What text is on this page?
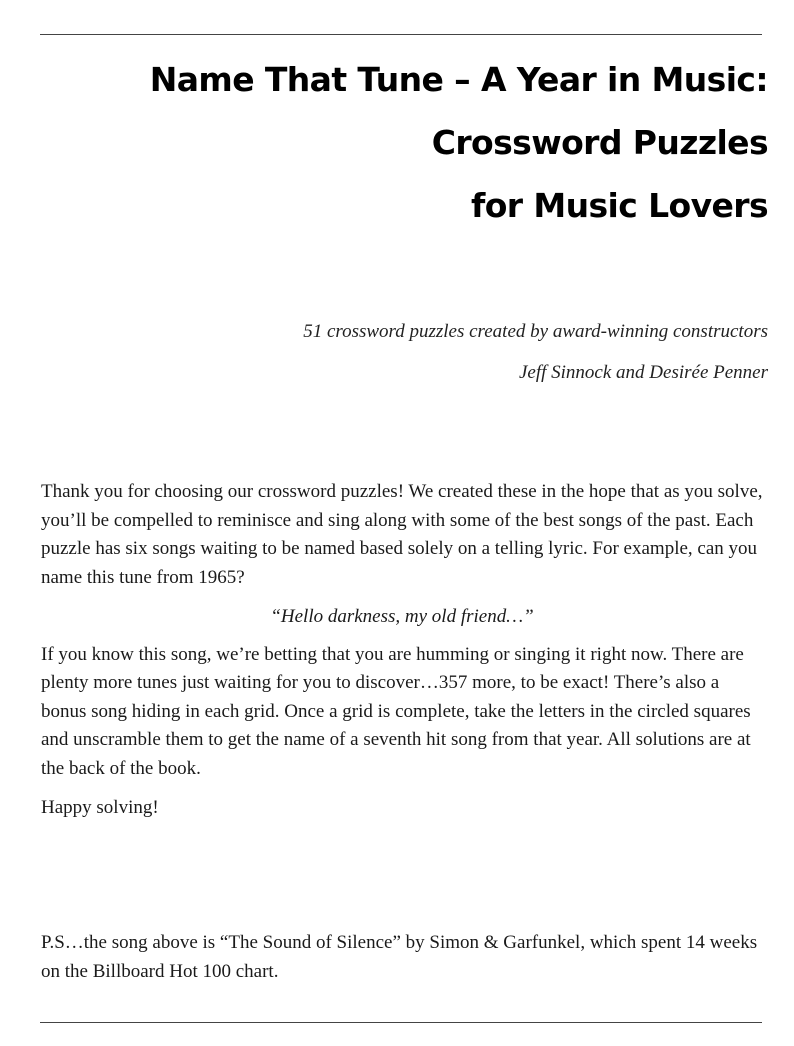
Name That Tune – A Year in Music:
Crossword Puzzles
for Music Lovers
51 crossword puzzles created by award-winning constructors
Jeff Sinnock and Desirée Penner

Thank you for choosing our crossword puzzles! We created these in the hope that as you solve, you’ll be compelled to reminisce and sing along with some of the best songs of the past. Each puzzle has six songs waiting to be named based solely on a telling lyric. For example, can you name this tune from 1965?

“Hello darkness, my old friend…”

If you know this song, we’re betting that you are humming or singing it right now. There are plenty more tunes just waiting for you to discover…357 more, to be exact! There’s also a bonus song hiding in each grid. Once a grid is complete, take the letters in the circled squares and unscramble them to get the name of a seventh hit song from that year. All solutions are at the back of the book.

Happy solving!

P.S…the song above is “The Sound of Silence” by Simon & Garfunkel, which spent 14 weeks on the Billboard Hot 100 chart.
